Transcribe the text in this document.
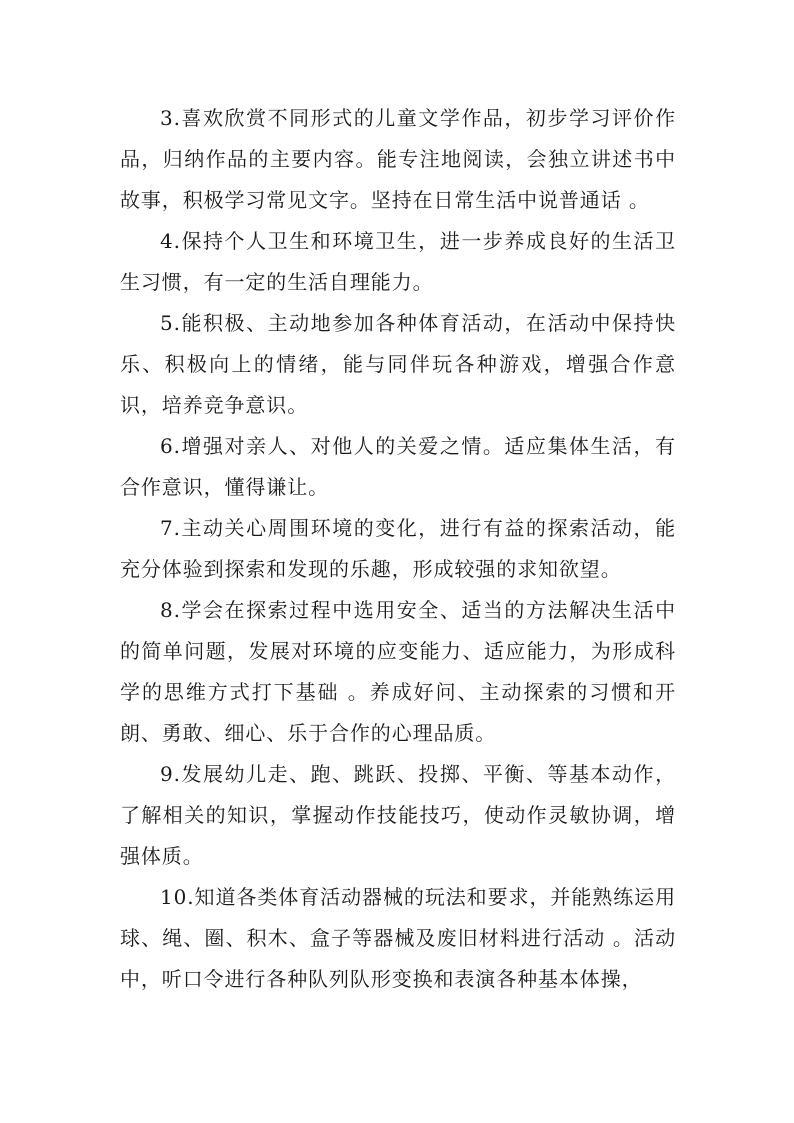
3.喜欢欣赏不同形式的儿童文学作品，初步学习评价作品，归纳作品的主要内容。能专注地阅读，会独立讲述书中故事，积极学习常见文字。坚持在日常生活中说普通话 。

4.保持个人卫生和环境卫生，进一步养成良好的生活卫生习惯，有一定的生活自理能力。

5.能积极、主动地参加各种体育活动，在活动中保持快乐、积极向上的情绪，能与同伴玩各种游戏，增强合作意识，培养竞争意识。

6.增强对亲人、对他人的关爱之情。适应集体生活，有合作意识，懂得谦让。

7.主动关心周围环境的变化，进行有益的探索活动，能充分体验到探索和发现的乐趣，形成较强的求知欲望。

8.学会在探索过程中选用安全、适当的方法解决生活中的简单问题，发展对环境的应变能力、适应能力，为形成科学的思维方式打下基础 。养成好问、主动探索的习惯和开朗、勇敢、细心、乐于合作的心理品质。

9.发展幼儿走、跑、跳跃、投掷、平衡、等基本动作，了解相关的知识，掌握动作技能技巧，使动作灵敏协调，增强体质。

10.知道各类体育活动器械的玩法和要求，并能熟练运用球、绳、圈、积木、盒子等器械及废旧材料进行活动 。活动中，听口令进行各种队列队形变换和表演各种基本体操，
